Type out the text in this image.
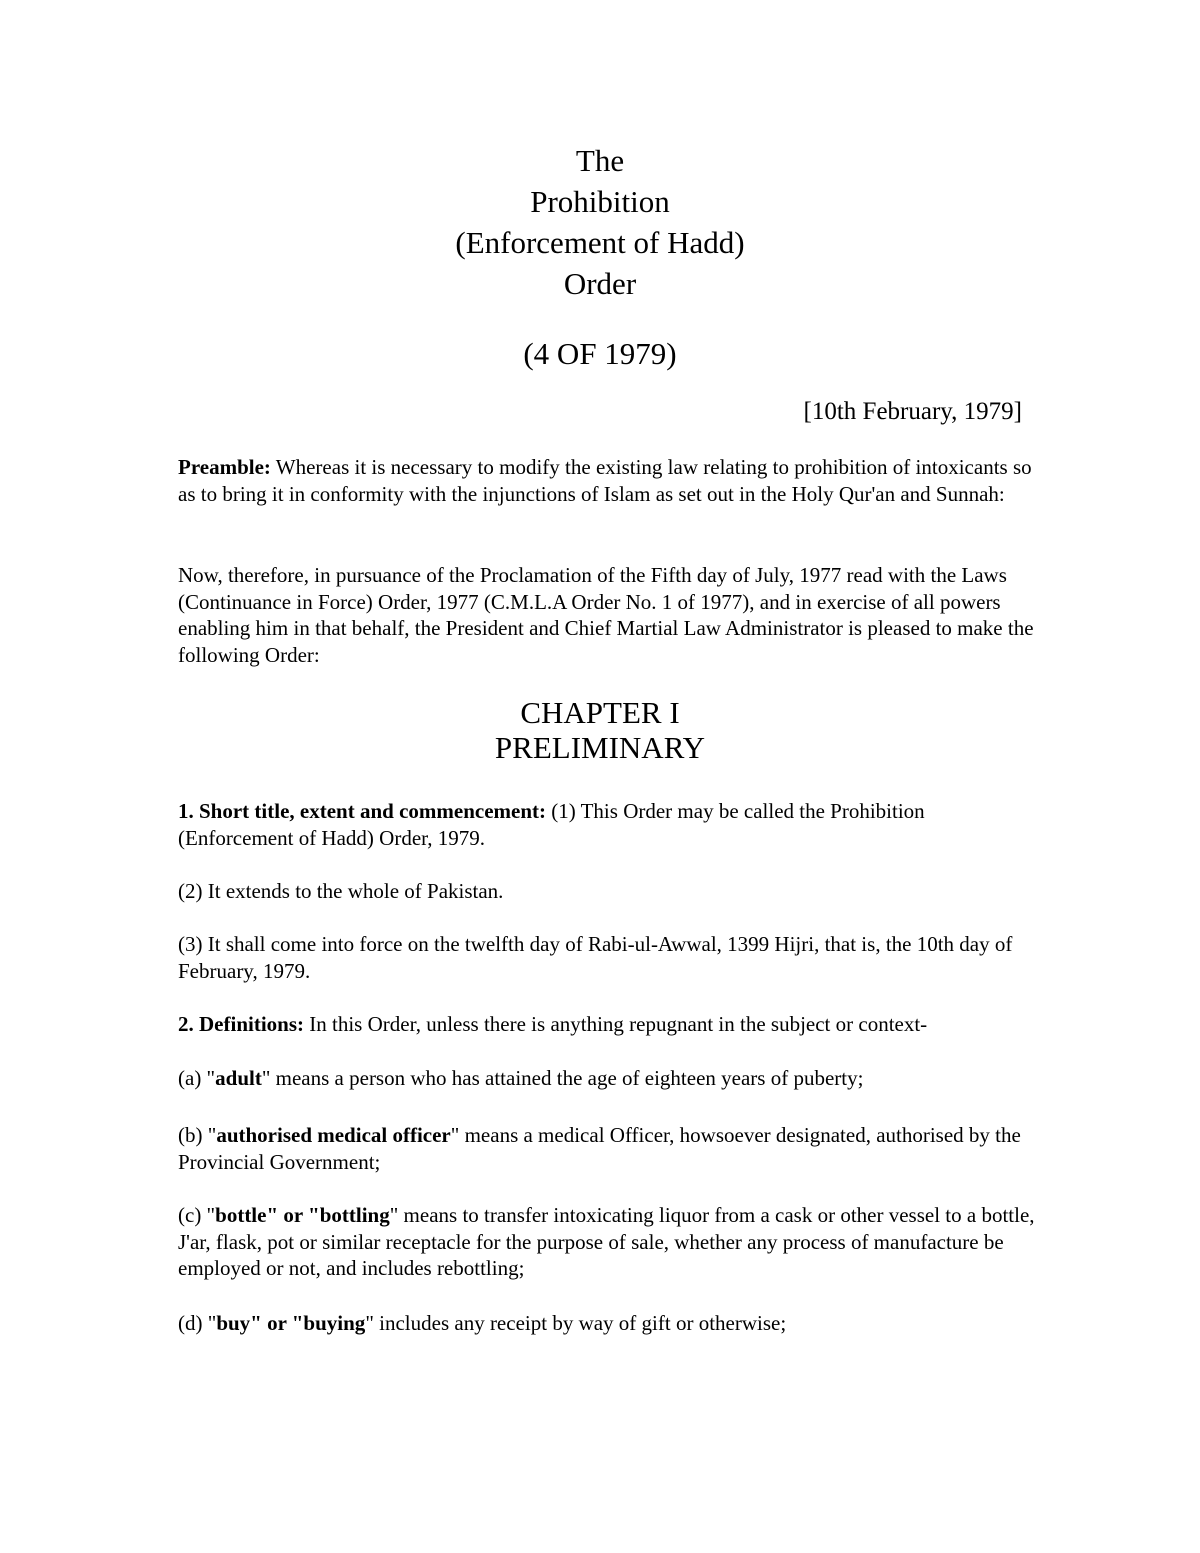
The
Prohibition
(Enforcement of Hadd)
Order
(4 OF 1979)
[10th February, 1979]
Preamble: Whereas it is necessary to modify the existing law relating to prohibition of intoxicants so as to bring it in conformity with the injunctions of Islam as set out in the Holy Qur'an and Sunnah:
Now, therefore, in pursuance of the Proclamation of the Fifth day of July, 1977 read with the Laws (Continuance in Force) Order, 1977 (C.M.L.A Order No. 1 of 1977), and in exercise of all powers enabling him in that behalf, the President and Chief Martial Law Administrator is pleased to make the following Order:
CHAPTER I
PRELIMINARY
1. Short title, extent and commencement: (1) This Order may be called the Prohibition (Enforcement of Hadd) Order, 1979.
(2) It extends to the whole of Pakistan.
(3) It shall come into force on the twelfth day of Rabi-ul-Awwal, 1399 Hijri, that is, the 10th day of February, 1979.
2. Definitions: In this Order, unless there is anything repugnant in the subject or context-
(a) "adult" means a person who has attained the age of eighteen years of puberty;
(b) "authorised medical officer" means a medical Officer, howsoever designated, authorised by the Provincial Government;
(c) "bottle" or "bottling" means to transfer intoxicating liquor from a cask or other vessel to a bottle, J'ar, flask, pot or similar receptacle for the purpose of sale, whether any process of manufacture be employed or not, and includes rebottling;
(d) "buy" or "buying" includes any receipt by way of gift or otherwise;
